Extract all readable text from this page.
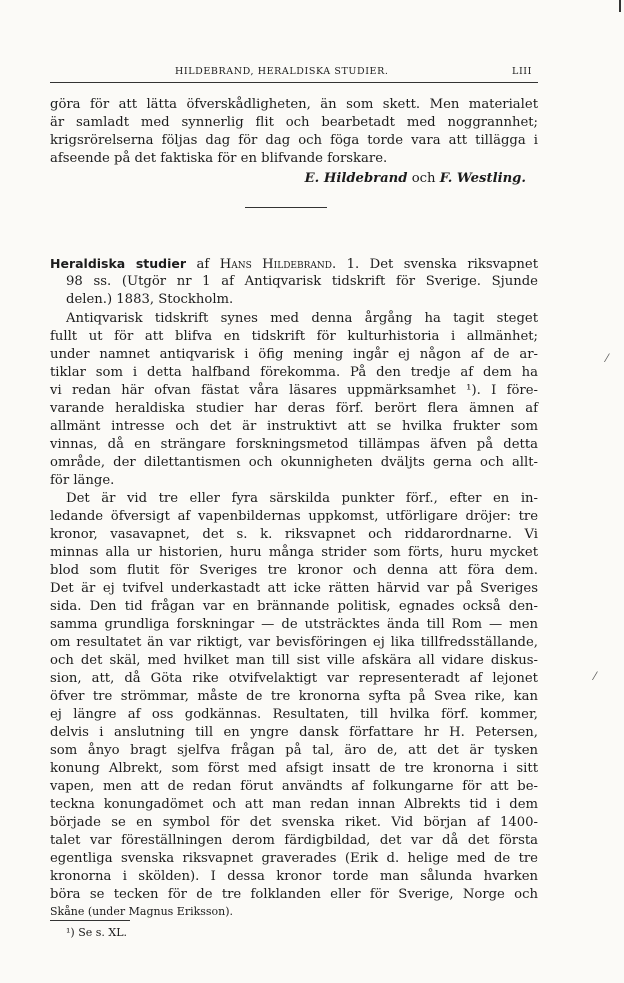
HILDEBRAND, HERALDISKA STUDIER.	LIII
göra för att lätta öfverskådligheten, än som skett. Men materialet
är samladt med synnerlig flit och bearbetadt med noggrannhet;
krigsrörelserna följas dag för dag och föga torde vara att tillägga i
afseende på det faktiska för en blifvande forskare.
E. Hildebrand och F. Westling.
Heraldiska studier af Hans Hildebrand. 1. Det svenska riksvapnet
98 ss. (Utgör nr 1 af Antiqvarisk tidskrift för Sverige. Sjunde
delen.) 1883, Stockholm.
Antiqvarisk tidskrift synes med denna årgång ha tagit steget
fullt ut för att blifva en tidskrift för kulturhistoria i allmänhet;
under namnet antiqvarisk i öfig mening ingår ej någon af de ar-
tiklar som i detta halfband förekomma. På den tredje af dem ha
vi redan här ofvan fästat våra läsares uppmärksamhet ¹). I före-
varande heraldiska studier har deras förf. berört flera ämnen af
allmänt intresse och det är instruktivt att se hvilka frukter som
vinnas, då en strängare forskningsmetod tillämpas äfven på detta
område, der dilettantismen och okunnigheten dväljts gerna och allt-
för länge.
Det är vid tre eller fyra särskilda punkter förf., efter en in-
ledande öfversigt af vapenbildernas uppkomst, utförligare dröjer: tre
kronor, vasavapnet, det s. k. riksvapnet och riddarordnarne. Vi
minnas alla ur historien, huru många strider som förts, huru mycket
blod som flutit för Sveriges tre kronor och denna att föra dem.
Det är ej tvifvel underkastadt att icke rätten härvid var på Sveriges
sida. Den tid frågan var en brännande politisk, egnades också den-
samma grundliga forskningar — de utsträcktes ända till Rom — men
om resultatet än var riktigt, var bevisföringen ej lika tillfredsställande,
och det skäl, med hvilket man till sist ville afskära all vidare diskus-
sion, att, då Göta rike otvifvelaktigt var representeradt af lejonet
öfver tre strömmar, måste de tre kronorna syfta på Svea rike, kan
ej längre af oss godkännas. Resultaten, till hvilka förf. kommer,
delvis i anslutning till en yngre dansk författare hr H. Petersen,
som ånyo bragt sjelfva frågan på tal, äro de, att det är tysken
konung Albrekt, som först med afsigt insatt de tre kronorna i sitt
vapen, men att de redan förut användts af folkungarne för att be-
teckna konungadömet och att man redan innan Albrekts tid i dem
började se en symbol för det svenska riket. Vid början af 1400-
talet var föreställningen derom färdigbildad, det var då det första
egentliga svenska riksvapnet graverades (Erik d. helige med de tre
kronorna i skölden). I dessa kronor torde man sålunda hvarken
böra se tecken för de tre folklanden eller för Sverige, Norge och
Skåne (under Magnus Eriksson).
¹) Se s. XL.
⁄
⁄
